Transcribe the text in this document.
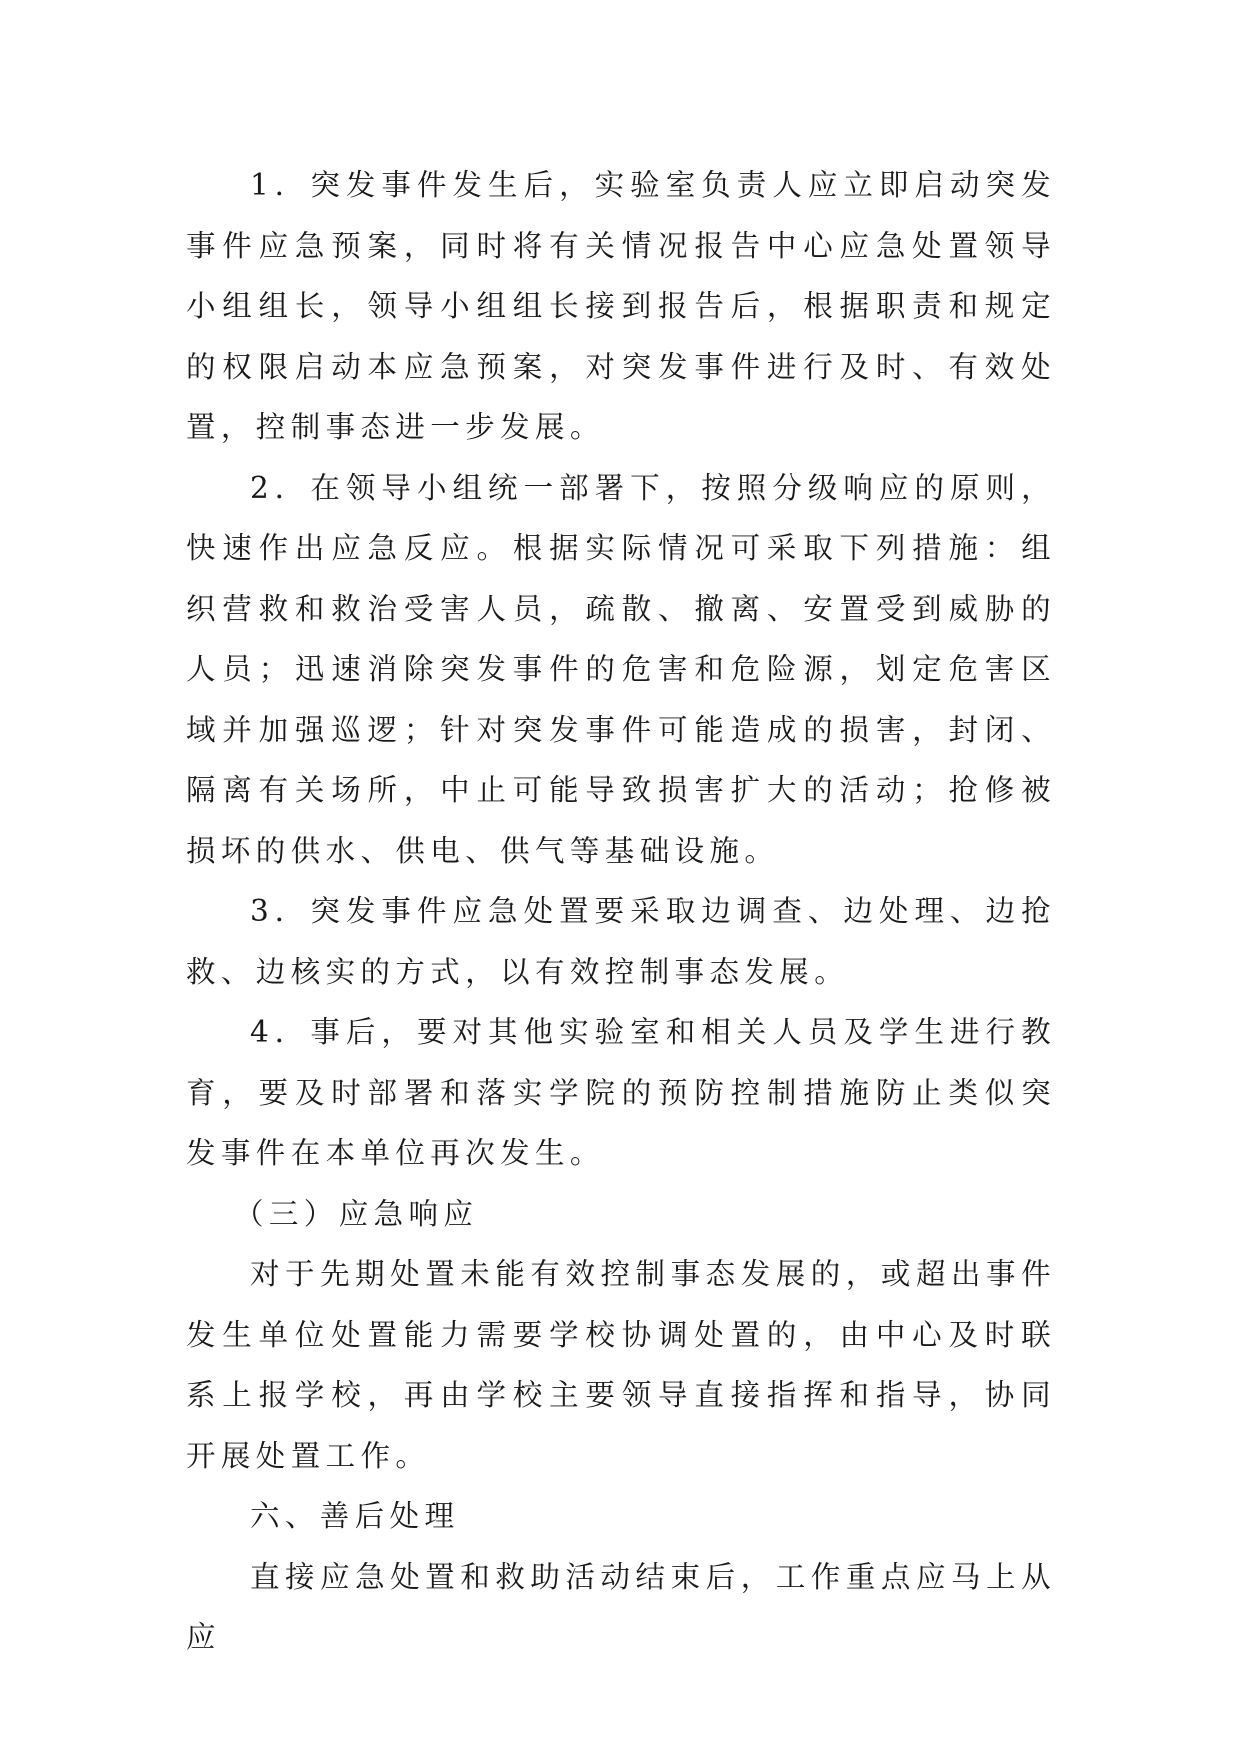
1．突发事件发生后，实验室负责人应立即启动突发事件应急预案，同时将有关情况报告中心应急处置领导小组组长，领导小组组长接到报告后，根据职责和规定的权限启动本应急预案，对突发事件进行及时、有效处置，控制事态进一步发展。

2．在领导小组统一部署下，按照分级响应的原则，快速作出应急反应。根据实际情况可采取下列措施：组织营救和救治受害人员，疏散、撤离、安置受到威胁的人员；迅速消除突发事件的危害和危险源，划定危害区域并加强巡逻；针对突发事件可能造成的损害，封闭、隔离有关场所，中止可能导致损害扩大的活动；抢修被损坏的供水、供电、供气等基础设施。

3．突发事件应急处置要采取边调查、边处理、边抢救、边核实的方式，以有效控制事态发展。

4．事后，要对其他实验室和相关人员及学生进行教育，要及时部署和落实学院的预防控制措施防止类似突发事件在本单位再次发生。

（三）应急响应

对于先期处置未能有效控制事态发展的，或超出事件发生单位处置能力需要学校协调处置的，由中心及时联系上报学校，再由学校主要领导直接指挥和指导，协同开展处置工作。

六、善后处理

直接应急处置和救助活动结束后，工作重点应马上从应
